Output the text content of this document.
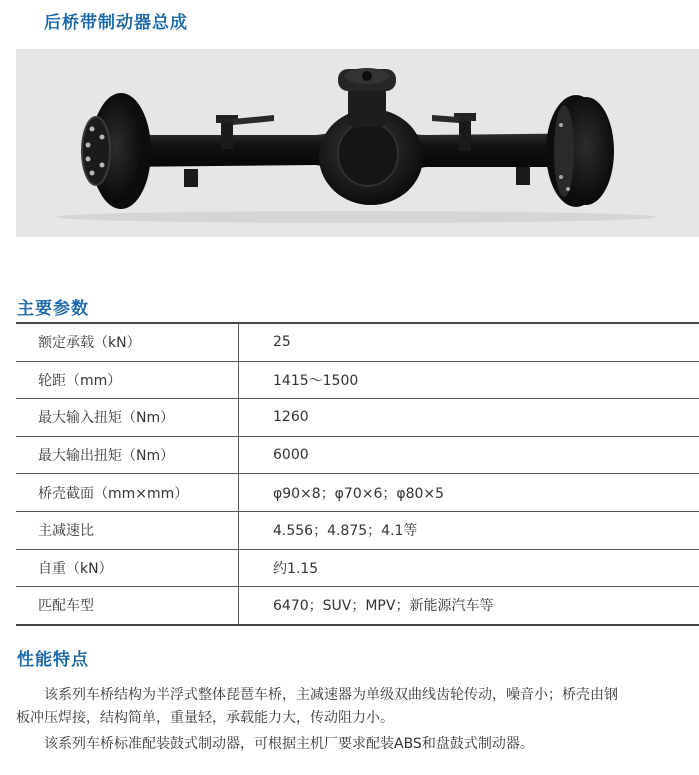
后桥带制动器总成
主要参数
额定承载（kN）	25
轮距（mm）	1415～1500
最大输入扭矩（Nm）	1260
最大输出扭矩（Nm）	6000
桥壳截面（mm×mm）	φ90×8；φ70×6；φ80×5
主减速比	4.556；4.875；4.1等
自重（kN）	约1.15
匹配车型	6470；SUV；MPV；新能源汽车等
性能特点
该系列车桥结构为半浮式整体琵琶车桥，主减速器为单级双曲线齿轮传动，噪音小；桥壳由钢
板冲压焊接，结构简单，重量轻，承载能力大，传动阻力小。
该系列车桥标准配装鼓式制动器，可根据主机厂要求配装ABS和盘鼓式制动器。
